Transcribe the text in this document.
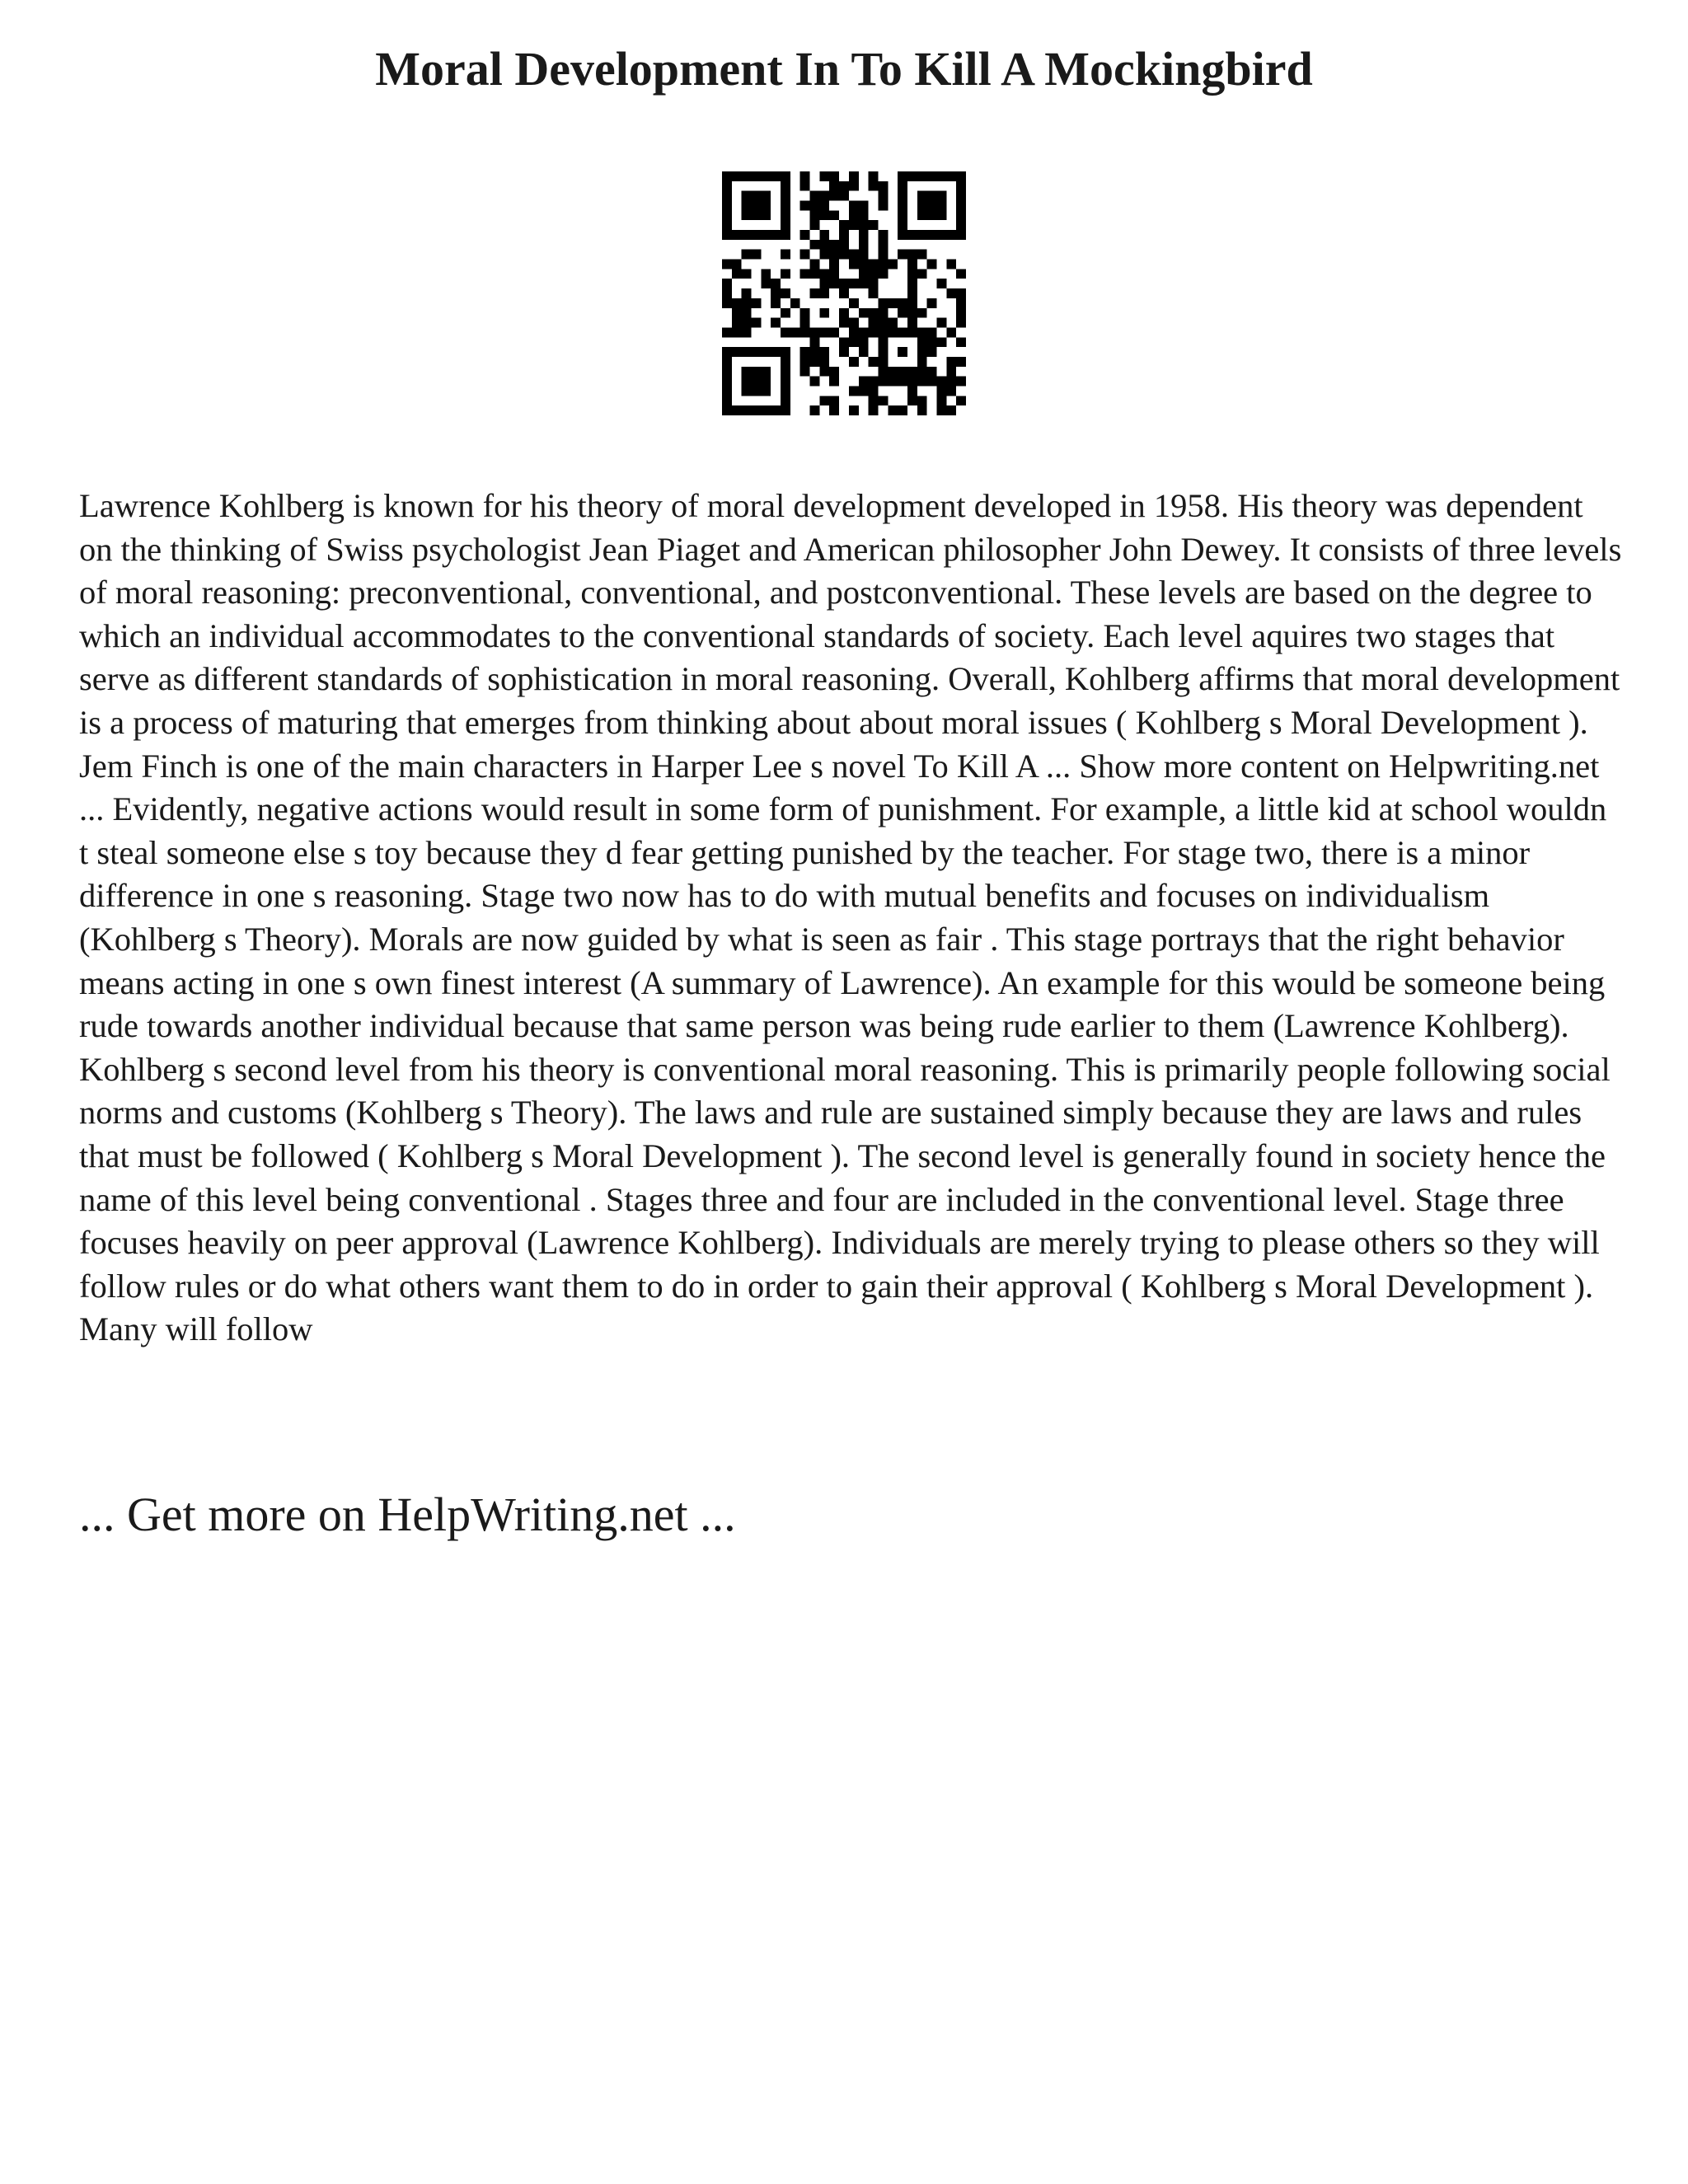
Moral Development In To Kill A Mockingbird

Lawrence Kohlberg is known for his theory of moral development developed in 1958. His theory was dependent on the thinking of Swiss psychologist Jean Piaget and American philosopher John Dewey. It consists of three levels of moral reasoning: preconventional, conventional, and postconventional. These levels are based on the degree to which an individual accommodates to the conventional standards of society. Each level aquires two stages that serve as different standards of sophistication in moral reasoning. Overall, Kohlberg affirms that moral development is a process of maturing that emerges from thinking about about moral issues ( Kohlberg s Moral Development ). Jem Finch is one of the main characters in Harper Lee s novel To Kill A ... Show more content on Helpwriting.net ... Evidently, negative actions would result in some form of punishment. For example, a little kid at school wouldn t steal someone else s toy because they d fear getting punished by the teacher. For stage two, there is a minor difference in one s reasoning. Stage two now has to do with mutual benefits and focuses on individualism (Kohlberg s Theory). Morals are now guided by what is seen as fair . This stage portrays that the right behavior means acting in one s own finest interest (A summary of Lawrence). An example for this would be someone being rude towards another individual because that same person was being rude earlier to them (Lawrence Kohlberg). Kohlberg s second level from his theory is conventional moral reasoning. This is primarily people following social norms and customs (Kohlberg s Theory). The laws and rule are sustained simply because they are laws and rules that must be followed ( Kohlberg s Moral Development ). The second level is generally found in society hence the name of this level being conventional . Stages three and four are included in the conventional level. Stage three focuses heavily on peer approval (Lawrence Kohlberg). Individuals are merely trying to please others so they will follow rules or do what others want them to do in order to gain their approval ( Kohlberg s Moral Development ). Many will follow

... Get more on HelpWriting.net ...
